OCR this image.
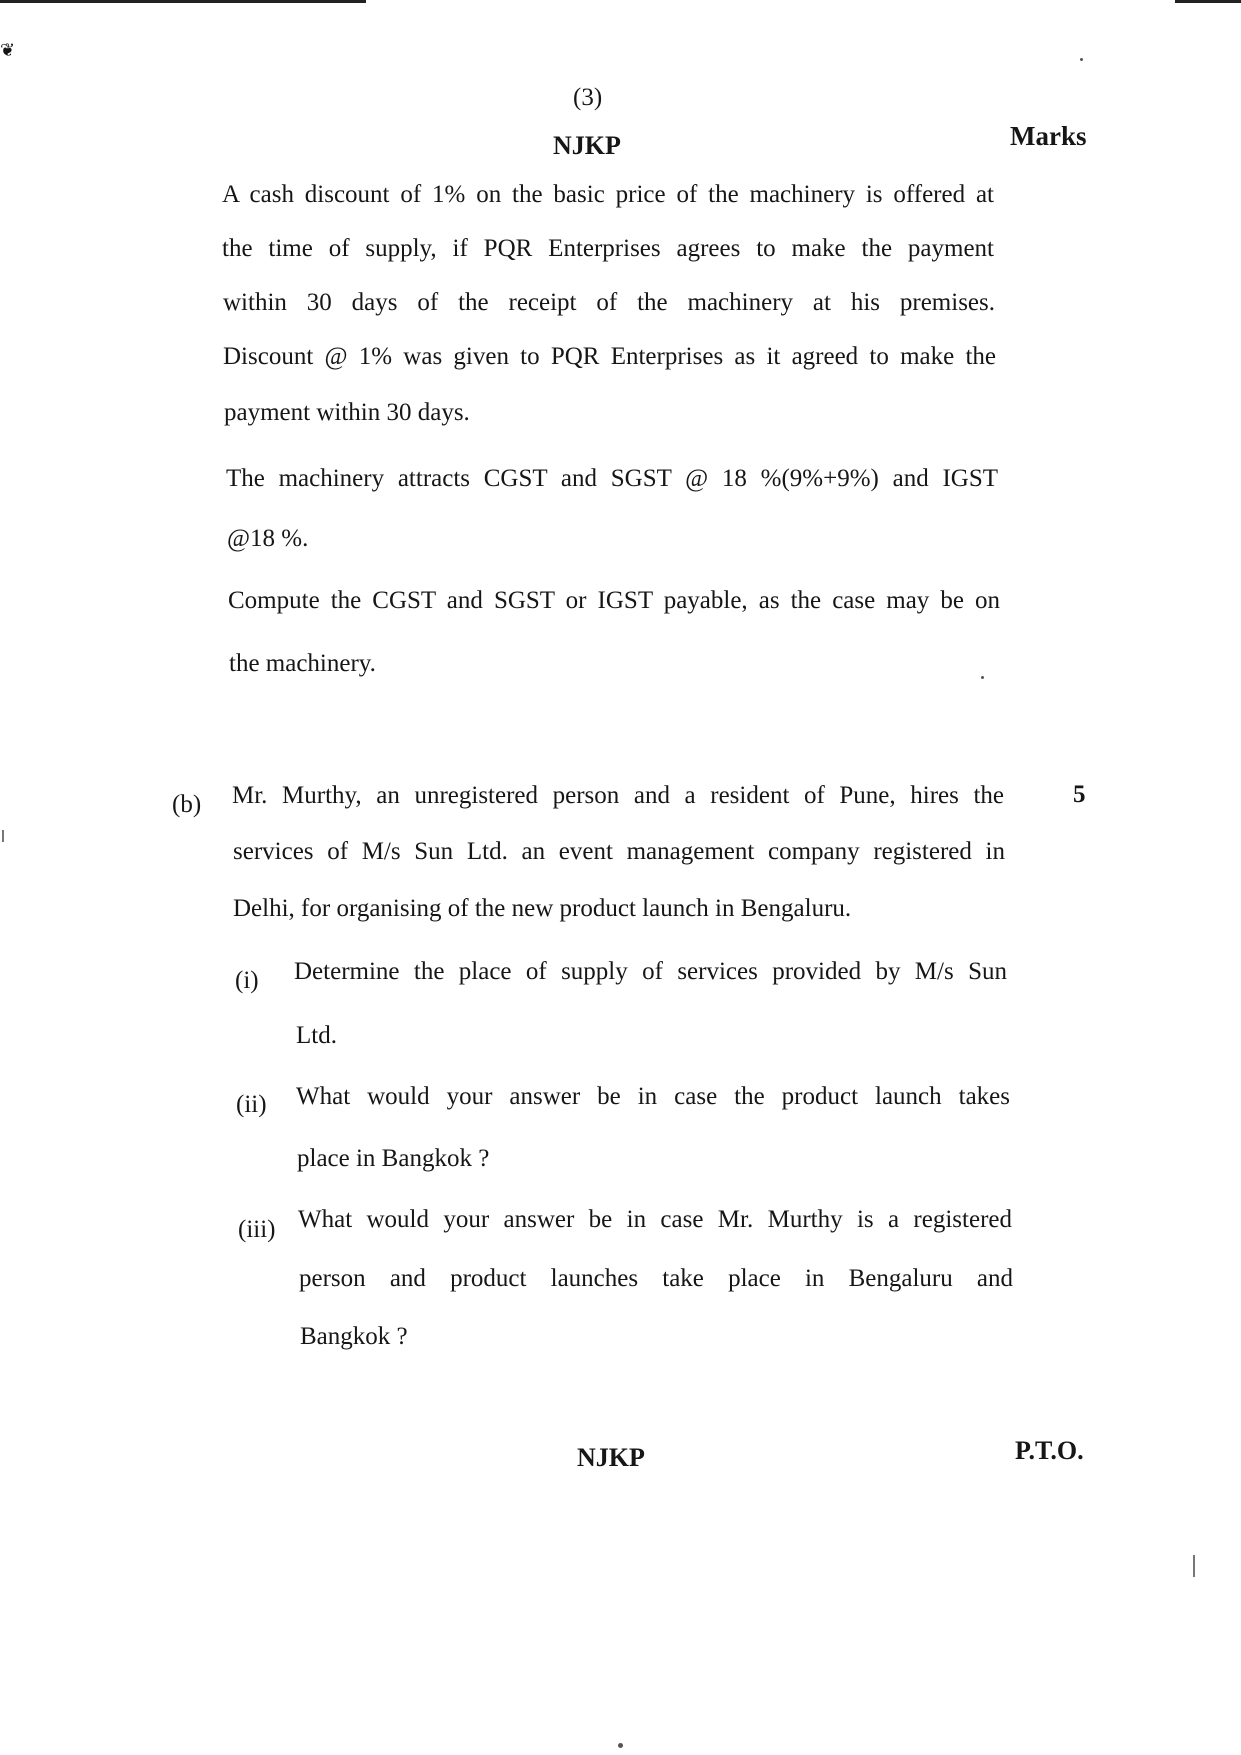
❦
(3)
NJKP	Marks
A cash discount of 1% on the basic price of the machinery is offered at
the time of supply, if PQR Enterprises agrees to make the payment
within 30 days of the receipt of the machinery at his premises.
Discount @ 1% was given to PQR Enterprises as it agreed to make the
payment within 30 days.
The machinery attracts CGST and SGST @ 18 %(9%+9%) and IGST
@18 %.
Compute the CGST and SGST or IGST payable, as the case may be on
the machinery.
(b)	5
Mr. Murthy, an unregistered person and a resident of Pune, hires the
services of M/s Sun Ltd. an event management company registered in
Delhi, for organising of the new product launch in Bengaluru.
(i) Determine the place of supply of services provided by M/s Sun
Ltd.
(ii) What would your answer be in case the product launch takes
place in Bangkok ?
(iii) What would your answer be in case Mr. Murthy is a registered
person and product launches take place in Bengaluru and
Bangkok ?
NJKP	P.T.O.
